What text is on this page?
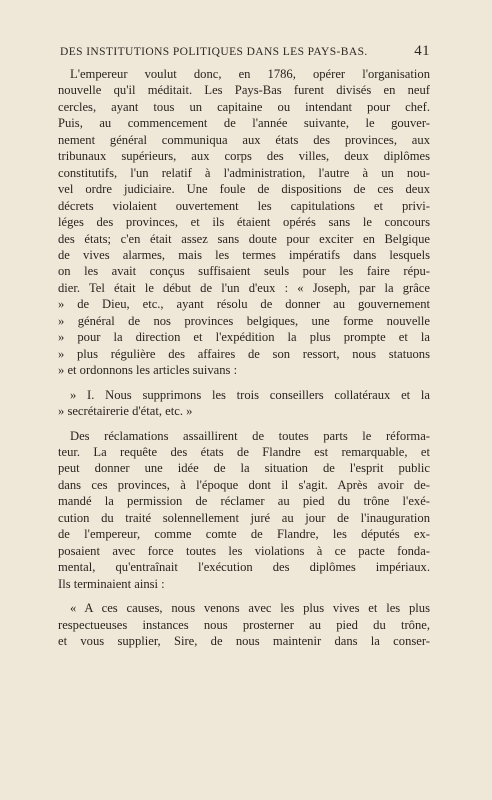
DES INSTITUTIONS POLITIQUES DANS LES PAYS-BAS.	41

L'empereur voulut donc, en 1786, opérer l'organisation
nouvelle qu'il méditait. Les Pays-Bas furent divisés en neuf
cercles, ayant tous un capitaine ou intendant pour chef.
Puis, au commencement de l'année suivante, le gouver-
nement général communiqua aux états des provinces, aux
tribunaux supérieurs, aux corps des villes, deux diplômes
constitutifs, l'un relatif à l'administration, l'autre à un nou-
vel ordre judiciaire. Une foule de dispositions de ces deux
décrets violaient ouvertement les capitulations et privi-
léges des provinces, et ils étaient opérés sans le concours
des états; c'en était assez sans doute pour exciter en Belgique
de vives alarmes, mais les termes impératifs dans lesquels
on les avait conçus suffisaient seuls pour les faire répu-
dier. Tel était le début de l'un d'eux : « Joseph, par la grâce
» de Dieu, etc., ayant résolu de donner au gouvernement
» général de nos provinces belgiques, une forme nouvelle
» pour la direction et l'expédition la plus prompte et la
» plus régulière des affaires de son ressort, nous statuons
» et ordonnons les articles suivans :

» I. Nous supprimons les trois conseillers collatéraux et la
» secrétairerie d'état, etc. »

Des réclamations assaillirent de toutes parts le réforma-
teur. La requête des états de Flandre est remarquable, et
peut donner une idée de la situation de l'esprit public
dans ces provinces, à l'époque dont il s'agit. Après avoir de-
mandé la permission de réclamer au pied du trône l'exé-
cution du traité solennellement juré au jour de l'inauguration
de l'empereur, comme comte de Flandre, les députés ex-
posaient avec force toutes les violations à ce pacte fonda-
mental, qu'entraînait l'exécution des diplômes impériaux.
Ils terminaient ainsi :

« A ces causes, nous venons avec les plus vives et les plus
respectueuses instances nous prosterner au pied du trône,
et vous supplier, Sire, de nous maintenir dans la conser-
